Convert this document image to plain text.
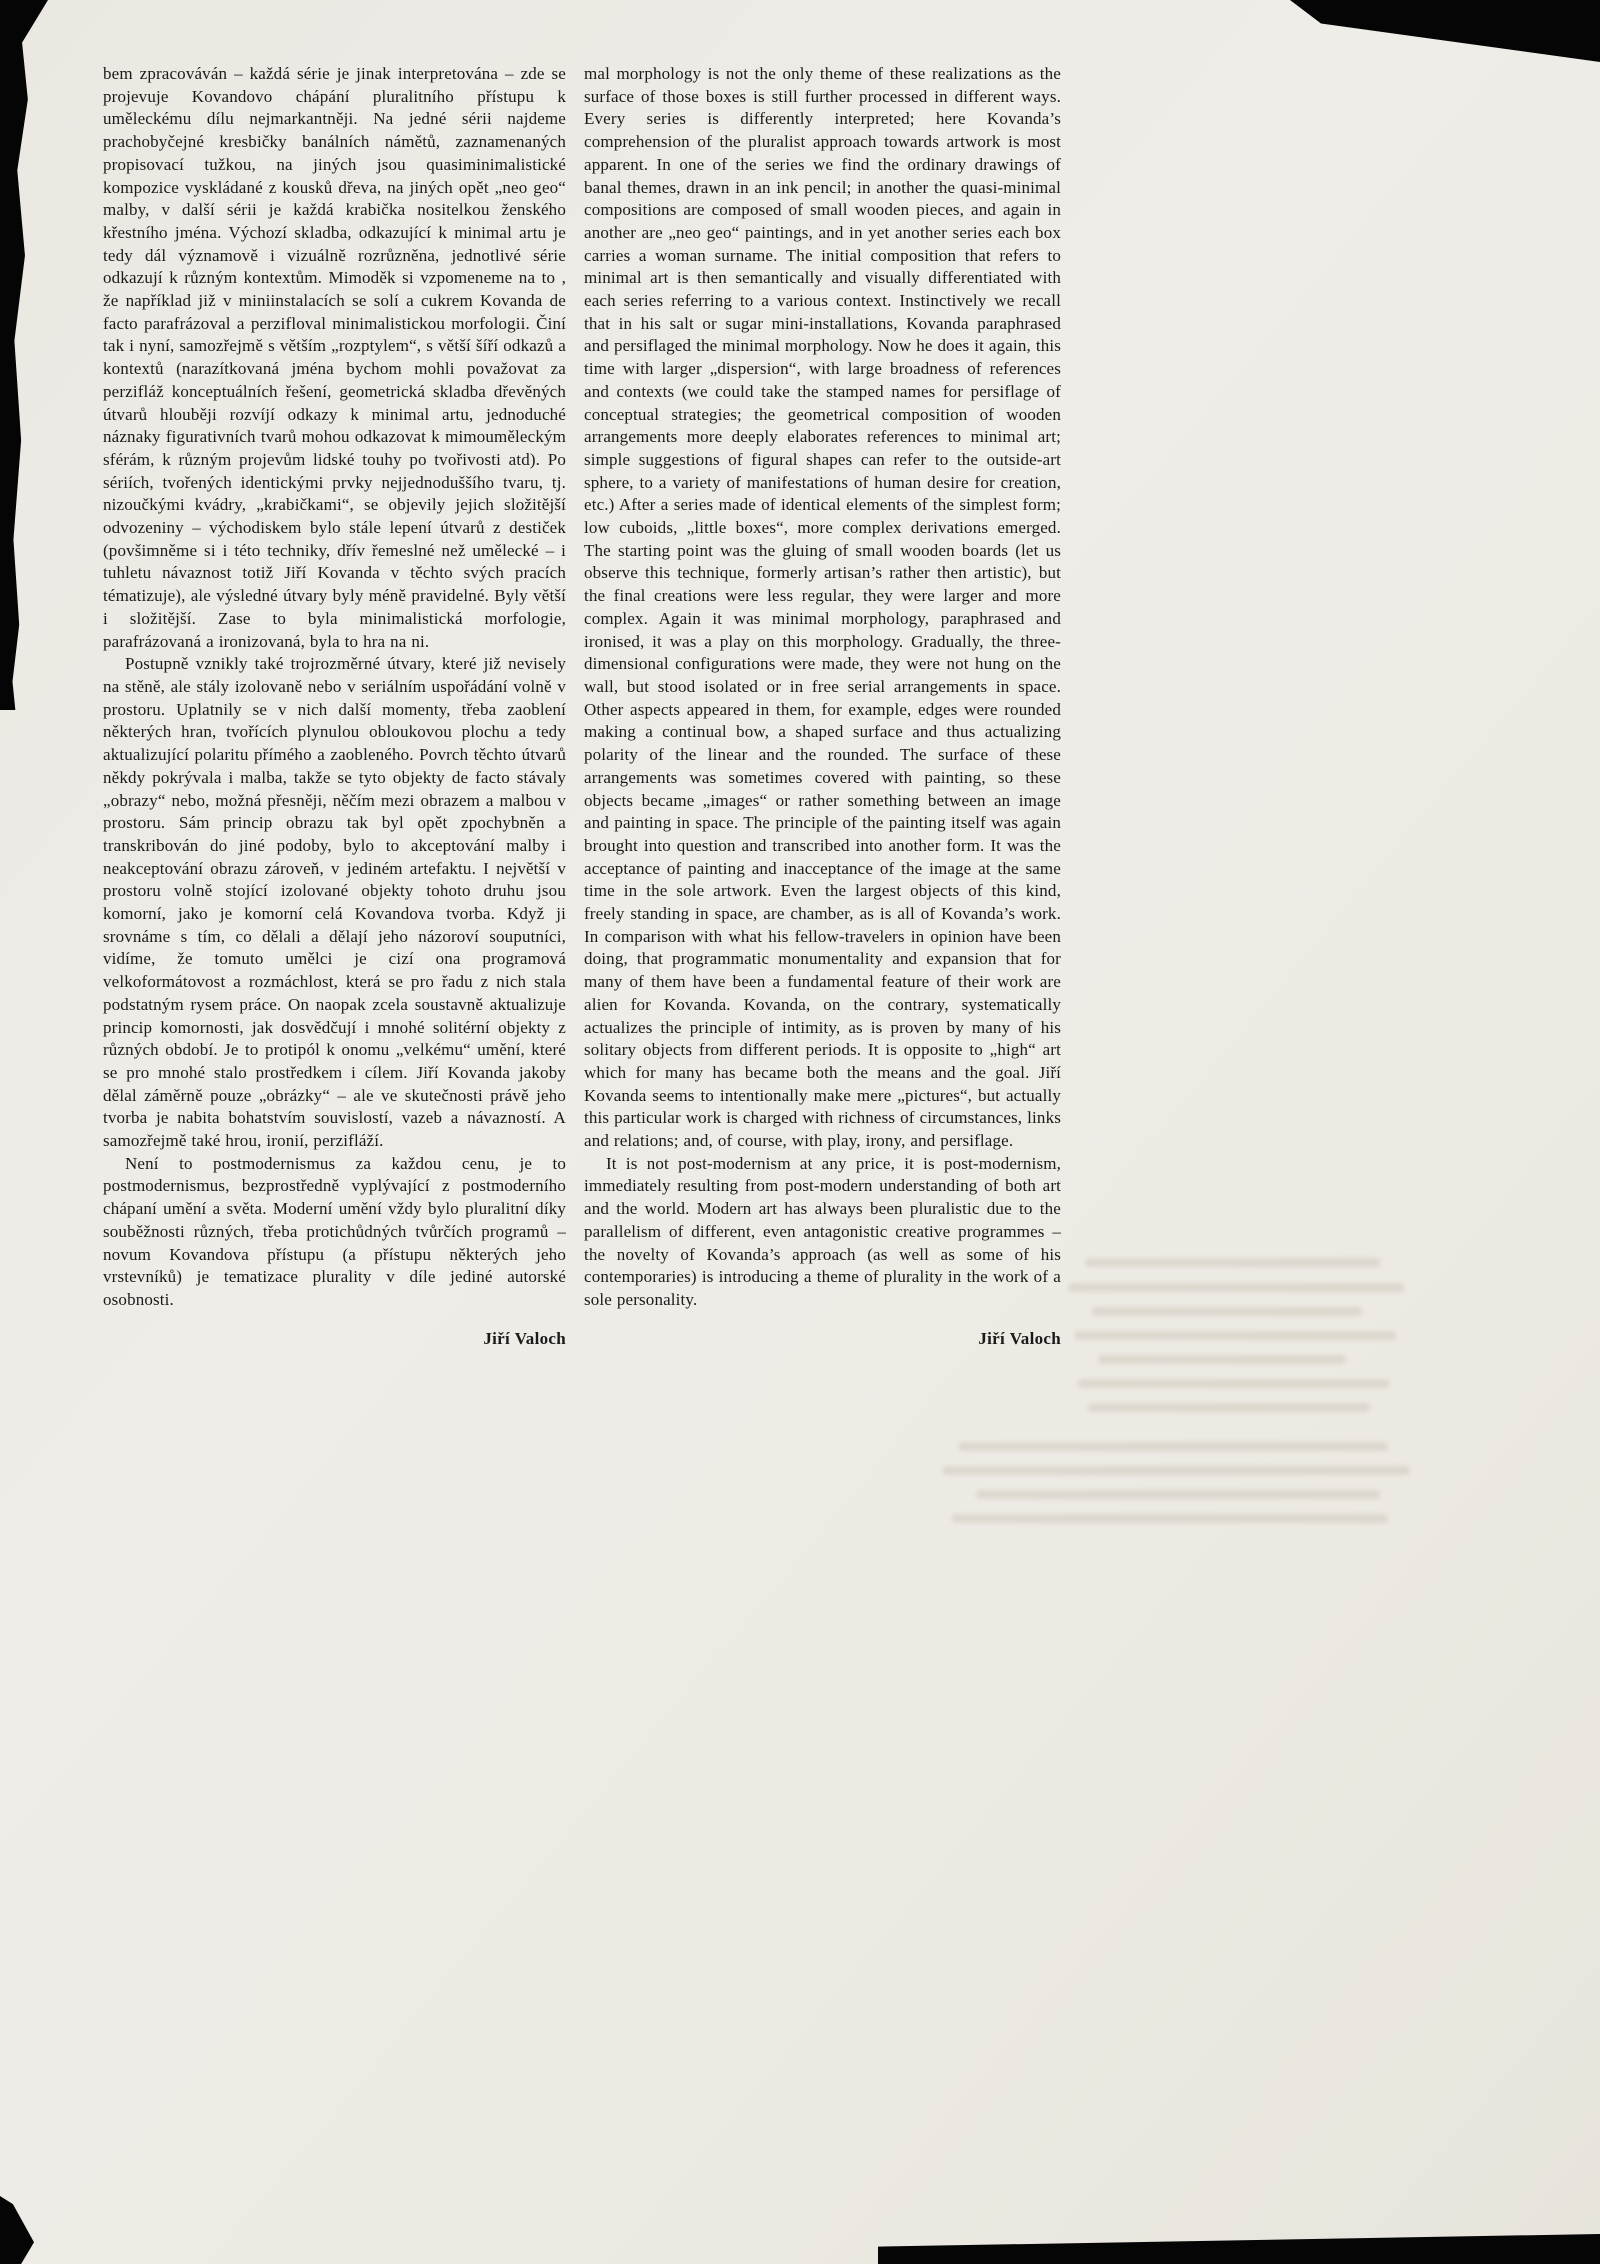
bem zpracováván – každá série je jinak interpretována – zde se projevuje Kovandovo chápání pluralitního přístupu k uměleckému dílu nejmarkantněji. Na jedné sérii najdeme prachobyčejné kresbičky banálních námětů, zaznamenaných propisovací tužkou, na jiných jsou quasiminimalistické kompozice vyskládané z kousků dřeva, na jiných opět „neo geo“ malby, v další sérii je každá krabička nositelkou ženského křestního jména. Výchozí skladba, odkazující k minimal artu je tedy dál významově i vizuálně rozrůzněna, jednotlivé série odkazují k různým kontextům. Mimoděk si vzpomeneme na to , že například již v miniinstalacích se solí a cukrem Kovanda de facto parafrázoval a perzifloval minimalistickou morfologii. Činí tak i nyní, samozřejmě s větším „rozptylem“, s větší šíří odkazů a kontextů (narazítkovaná jména bychom mohli považovat za perzifláž konceptuálních řešení, geometrická skladba dřevěných útvarů hlouběji rozvíjí odkazy k minimal artu, jednoduché náznaky figurativních tvarů mohou odkazovat k mimouměleckým sférám, k různým projevům lidské touhy po tvořivosti atd). Po sériích, tvořených identickými prvky nejjednoduššího tvaru, tj. nizoučkými kvádry, „krabičkami“, se objevily jejich složitější odvozeniny – východiskem bylo stále lepení útvarů z destiček (povšimněme si i této techniky, dřív řemeslné než umělecké – i tuhletu návaznost totiž Jiří Kovanda v těchto svých pracích tématizuje), ale výsledné útvary byly méně pravidelné. Byly větší i složitější. Zase to byla minimalistická morfologie, parafrázovaná a ironizovaná, byla to hra na ni.

Postupně vznikly také trojrozměrné útvary, které již nevisely na stěně, ale stály izolovaně nebo v seriálním uspořádání volně v prostoru. Uplatnily se v nich další momenty, třeba zaoblení některých hran, tvořících plynulou obloukovou plochu a tedy aktualizující polaritu přímého a zaobleného. Povrch těchto útvarů někdy pokrývala i malba, takže se tyto objekty de facto stávaly „obrazy“ nebo, možná přesněji, něčím mezi obrazem a malbou v prostoru. Sám princip obrazu tak byl opět zpochybněn a transkribován do jiné podoby, bylo to akceptování malby i neakceptování obrazu zároveň, v jediném artefaktu. I největší v prostoru volně stojící izolované objekty tohoto druhu jsou komorní, jako je komorní celá Kovandova tvorba. Když ji srovnáme s tím, co dělali a dělají jeho názoroví souputníci, vidíme, že tomuto umělci je cizí ona programová velkoformátovost a rozmáchlost, která se pro řadu z nich stala podstatným rysem práce. On naopak zcela soustavně aktualizuje princip komornosti, jak dosvědčují i mnohé solitérní objekty z různých období. Je to protipól k onomu „velkému“ umění, které se pro mnohé stalo prostředkem i cílem. Jiří Kovanda jakoby dělal záměrně pouze „obrázky“ – ale ve skutečnosti právě jeho tvorba je nabita bohatstvím souvislostí, vazeb a návazností. A samozřejmě také hrou, ironií, perzifláží.

Není to postmodernismus za každou cenu, je to postmodernismus, bezprostředně vyplývající z postmoderního chápaní umění a světa. Moderní umění vždy bylo pluralitní díky souběžnosti různých, třeba protichůdných tvůrčích programů – novum Kovandova přístupu (a přístupu některých jeho vrstevníků) je tematizace plurality v díle jediné autorské osobnosti.

Jiří Valoch

mal morphology is not the only theme of these realizations as the surface of those boxes is still further processed in different ways. Every series is differently interpreted; here Kovanda’s comprehension of the pluralist approach towards artwork is most apparent. In one of the series we find the ordinary drawings of banal themes, drawn in an ink pencil; in another the quasi-minimal compositions are composed of small wooden pieces, and again in another are „neo geo“ paintings, and in yet another series each box carries a woman surname. The initial composition that refers to minimal art is then semantically and visually differentiated with each series referring to a various context. Instinctively we recall that in his salt or sugar mini-installations, Kovanda paraphrased and persiflaged the minimal morphology. Now he does it again, this time with larger „dispersion“, with large broadness of references and contexts (we could take the stamped names for persiflage of conceptual strategies; the geometrical composition of wooden arrangements more deeply elaborates references to minimal art; simple suggestions of figural shapes can refer to the outside-art sphere, to a variety of manifestations of human desire for creation, etc.) After a series made of identical elements of the simplest form; low cuboids, „little boxes“, more complex derivations emerged. The starting point was the gluing of small wooden boards (let us observe this technique, formerly artisan’s rather then artistic), but the final creations were less regular, they were larger and more complex. Again it was minimal morphology, paraphrased and ironised, it was a play on this morphology. Gradually, the three-dimensional configurations were made, they were not hung on the wall, but stood isolated or in free serial arrangements in space. Other aspects appeared in them, for example, edges were rounded making a continual bow, a shaped surface and thus actualizing polarity of the linear and the rounded. The surface of these arrangements was sometimes covered with painting, so these objects became „images“ or rather something between an image and painting in space. The principle of the painting itself was again brought into question and transcribed into another form. It was the acceptance of painting and inacceptance of the image at the same time in the sole artwork. Even the largest objects of this kind, freely standing in space, are chamber, as is all of Kovanda’s work. In comparison with what his fellow-travelers in opinion have been doing, that programmatic monumentality and expansion that for many of them have been a fundamental feature of their work are alien for Kovanda. Kovanda, on the contrary, systematically actualizes the principle of intimity, as is proven by many of his solitary objects from different periods. It is opposite to „high“ art which for many has became both the means and the goal. Jiří Kovanda seems to intentionally make mere „pictures“, but actually this particular work is charged with richness of circumstances, links and relations; and, of course, with play, irony, and persiflage.

It is not post-modernism at any price, it is post-modernism, immediately resulting from post-modern understanding of both art and the world. Modern art has always been pluralistic due to the parallelism of different, even antagonistic creative programmes – the novelty of Kovanda’s approach (as well as some of his contemporaries) is introducing a theme of plurality in the work of a sole personality.

Jiří Valoch
